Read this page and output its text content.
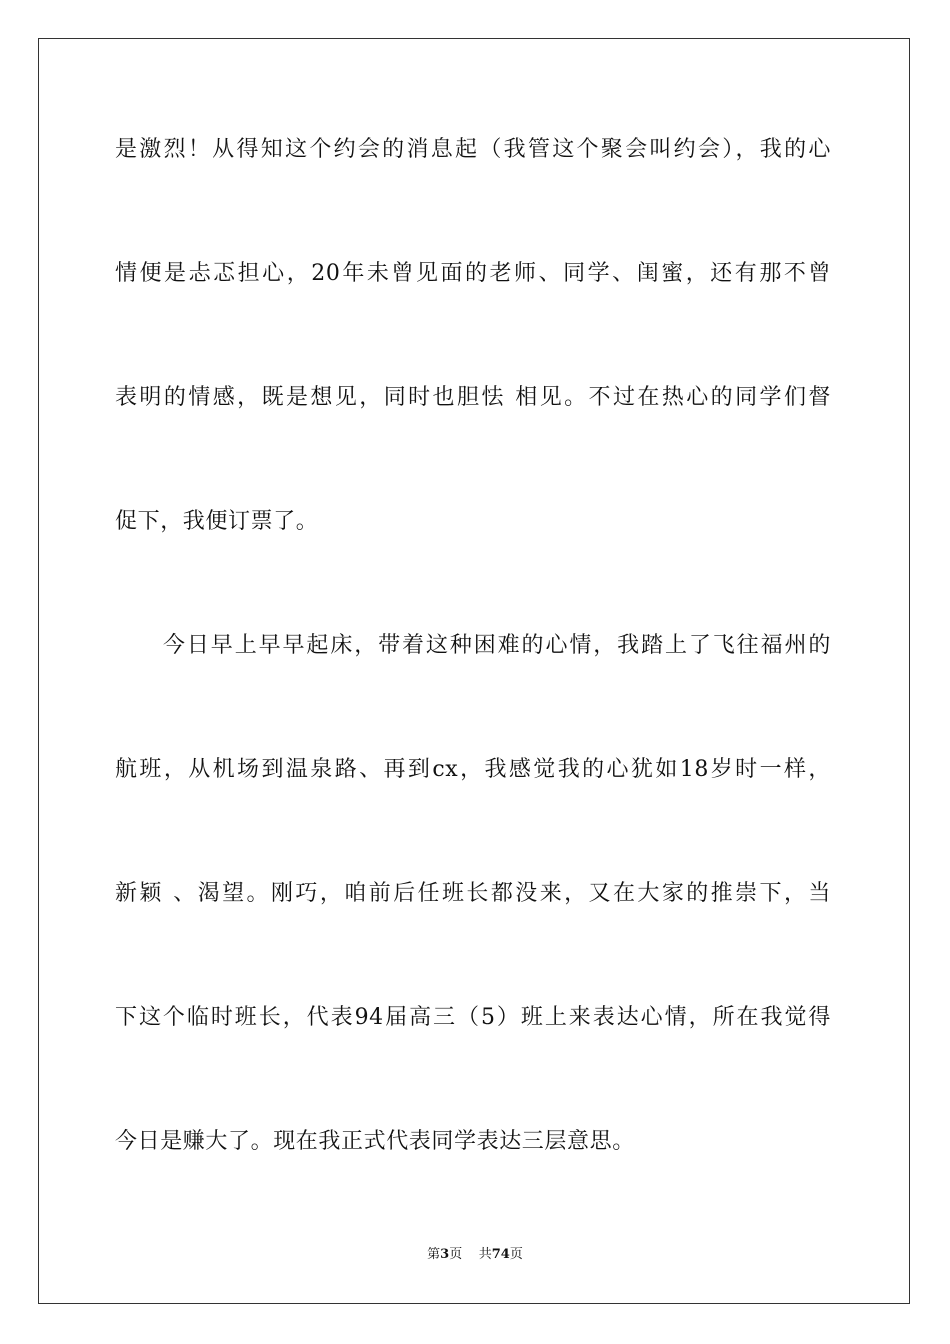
是激烈！从得知这个约会的消息起（我管这个聚会叫约会），我的心
情便是忐忑担心，20年未曾见面的老师、同学、闺蜜，还有那不曾
表明的情感，既是想见，同时也胆怯 相见。不过在热心的同学们督
促下，我便订票了。
今日早上早早起床，带着这种困难的心情，我踏上了飞往福州的
航班，从机场到温泉路、再到cx，我感觉我的心犹如18岁时一样，
新颖 、渴望。刚巧，咱前后任班长都没来，又在大家的推崇下，当
下这个临时班长，代表94届高三（5）班上来表达心情，所在我觉得
今日是赚大了。现在我正式代表同学表达三层意思。
第3页 共74页
